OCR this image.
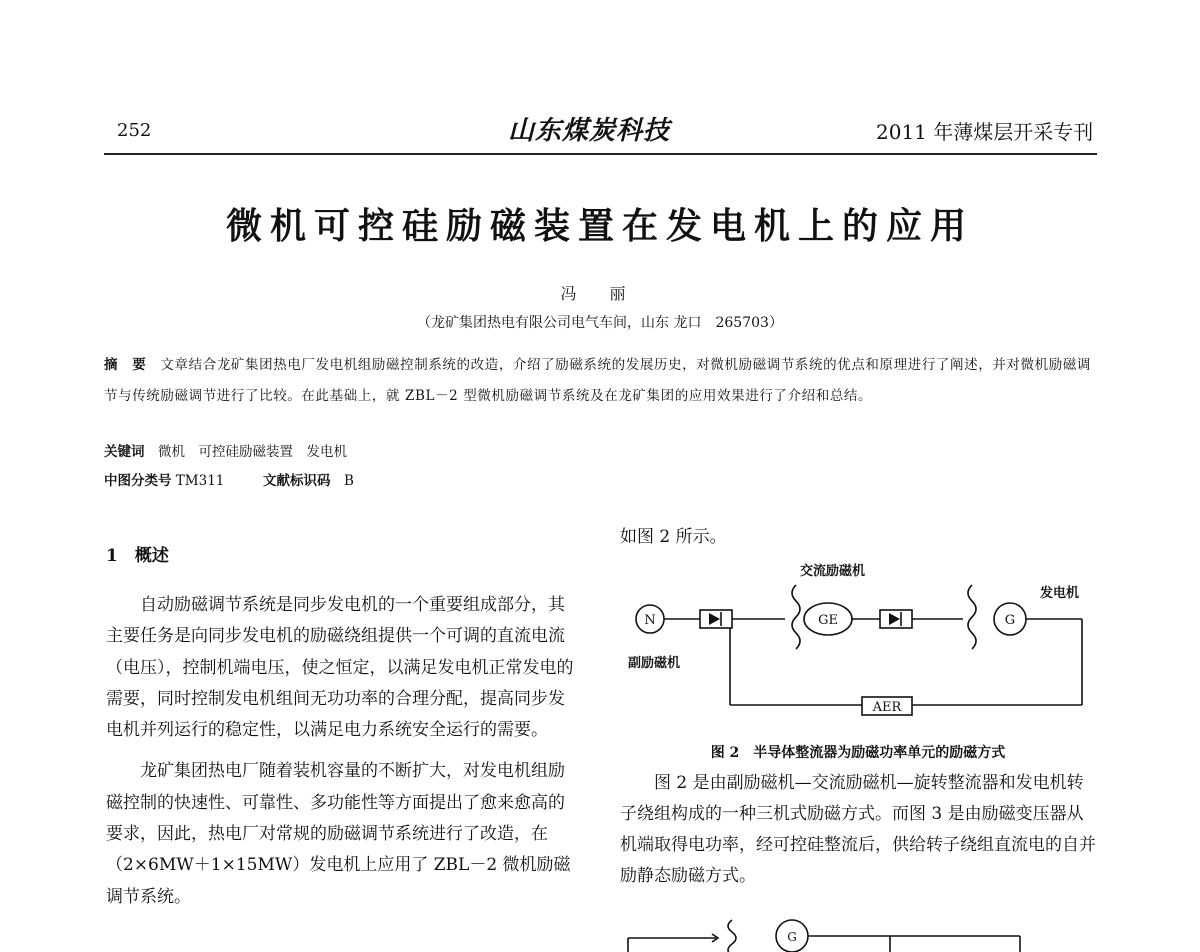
252	山东煤炭科技	2011 年薄煤层开采专刊
微机可控硅励磁装置在发电机上的应用
冯 丽
（龙矿集团热电有限公司电气车间，山东 龙口　265703）
摘　要　 文章结合龙矿集团热电厂发电机组励磁控制系统的改造，介绍了励磁系统的发展历史，对微机励磁调节系统的优点和原理进行了阐述，并对微机励磁调节与传统励磁调节进行了比较。在此基础上，就 ZBL－2 型微机励磁调节系统及在龙矿集团的应用效果进行了介绍和总结。
关键词　 微机　可控硅励磁装置　发电机
中图分类号 TM311	文献标识码　 B
1　概述

自动励磁调节系统是同步发电机的一个重要组成部分，其主要任务是向同步发电机的励磁绕组提供一个可调的直流电流（电压），控制机端电压，使之恒定，以满足发电机正常发电的需要，同时控制发电机组间无功功率的合理分配，提高同步发电机并列运行的稳定性，以满足电力系统安全运行的需要。

龙矿集团热电厂随着装机容量的不断扩大，对发电机组励磁控制的快速性、可靠性、多功能性等方面提出了愈来愈高的要求，因此，热电厂对常规的励磁调节系统进行了改造，在（2×6MW＋1×15MW）发电机上应用了 ZBL－2 微机励磁调节系统。

如图 2 所示。
N	GE	G
AER
交流励磁机
发电机
副励磁机
图 2　半导体整流器为励磁功率单元的励磁方式

图 2 是由副励磁机—交流励磁机—旋转整流器和发电机转子绕组构成的一种三机式励磁方式。而图 3 是由励磁变压器从机端取得电功率，经可控硅整流后，供给转子绕组直流电的自并励静态励磁方式。

G
